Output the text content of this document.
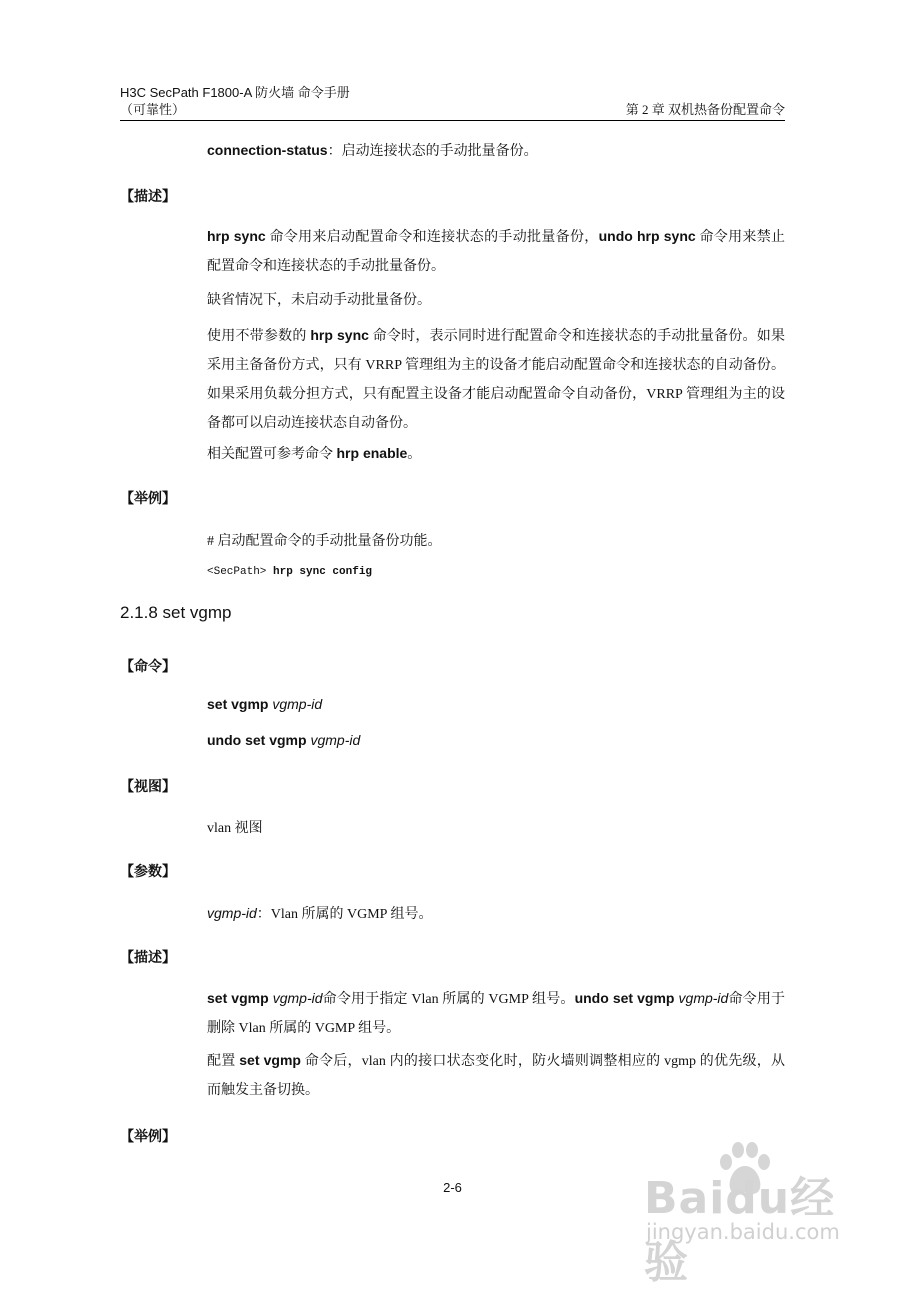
H3C SecPath F1800-A 防火墙 命令手册
（可靠性）	第 2 章 双机热备份配置命令
connection-status：启动连接状态的手动批量备份。
【描述】
hrp sync 命令用来启动配置命令和连接状态的手动批量备份，undo hrp sync 命令用来禁止配置命令和连接状态的手动批量备份。
缺省情况下，未启动手动批量备份。
使用不带参数的 hrp sync 命令时，表示同时进行配置命令和连接状态的手动批量备份。如果采用主备备份方式，只有 VRRP 管理组为主的设备才能启动配置命令和连接状态的自动备份。如果采用负载分担方式，只有配置主设备才能启动配置命令自动备份，VRRP 管理组为主的设备都可以启动连接状态自动备份。
相关配置可参考命令 hrp enable。
【举例】
# 启动配置命令的手动批量备份功能。
<SecPath> hrp sync config
2.1.8 set vgmp
【命令】
set vgmp vgmp-id
undo set vgmp vgmp-id
【视图】
vlan 视图
【参数】
vgmp-id：Vlan 所属的 VGMP 组号。
【描述】
set vgmp vgmp-id命令用于指定 Vlan 所属的 VGMP 组号。undo set vgmp vgmp-id命令用于删除 Vlan 所属的 VGMP 组号。
配置 set vgmp 命令后，vlan 内的接口状态变化时，防火墙则调整相应的 vgmp 的优先级，从而触发主备切换。
【举例】
2-6	Baidu经验
jingyan.baidu.com
